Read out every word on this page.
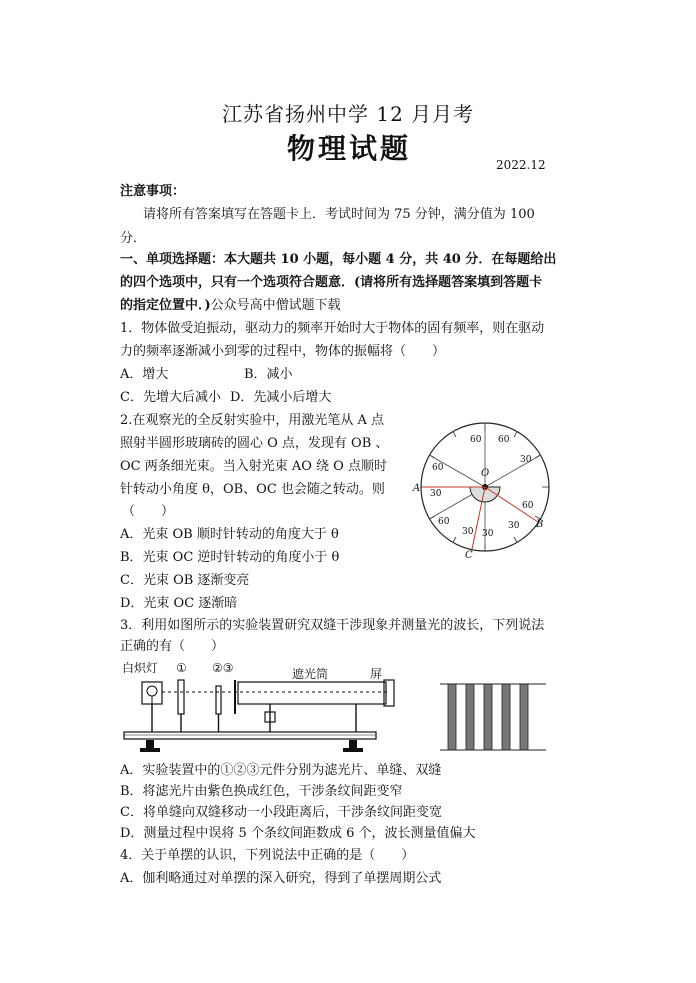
江苏省扬州中学 12 月月考
物理试题	2022.12
注意事项：
请将所有答案填写在答题卡上．考试时间为 75 分钟，满分值为 100
分．
一、单项选择题：本大题共 10 小题，每小题 4 分，共 40 分．在每题给出
的四个选项中，只有一个选项符合题意．(请将所有选择题答案填到答题卡
的指定位置中．)公众号高中僧试题下载
1．物体做受迫振动，驱动力的频率开始时大于物体的固有频率，则在驱动
力的频率逐渐减小到零的过程中，物体的振幅将（　　）
A．增大	B．减小
C．先增大后减小 D．先减小后增大
2.在观察光的全反射实验中，用激光笔从 A 点
照射半圆形玻璃砖的圆心 O 点，发现有 OB 、
OC 两条细光束。当入射光束 AO 绕 O 点顺时
针转动小角度 θ，OB、OC 也会随之转动。则
（　　）
A．光束 OB 顺时针转动的角度大于 θ
B．光束 OC 逆时针转动的角度小于 θ
C．光束 OB 逐渐变亮
D．光束 OC 逐渐暗
60
60 60
30
30
60
30
30
60
30
A
B
C
O
3．利用如图所示的实验装置研究双缝干涉现象并测量光的波长，下列说法
正确的有（　　）
白炽灯 ① ②③	遮光筒	屏
A．实验装置中的①②③元件分别为滤光片、单缝、双缝
B．将滤光片由紫色换成红色，干涉条纹间距变窄
C．将单缝向双缝移动一小段距离后，干涉条纹间距变宽
D．测量过程中误将 5 个条纹间距数成 6 个，波长测量值偏大
4．关于单摆的认识，下列说法中正确的是（　　）
A．伽利略通过对单摆的深入研究，得到了单摆周期公式
